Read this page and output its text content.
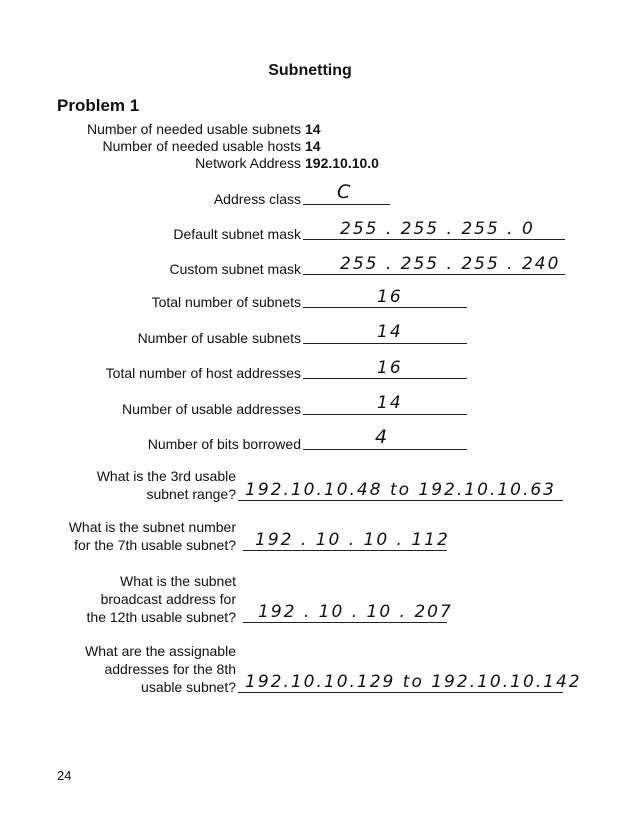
Subnetting
Problem 1
Number of needed usable subnets 14
Number of needed usable hosts 14
Network Address 192.10.10.0
Address class C
Default subnet mask 255 . 255 . 255 . 0
Custom subnet mask 255 . 255 . 255 . 240
Total number of subnets	16
Number of usable subnets	14
Total number of host addresses	16
Number of usable addresses	14
Number of bits borrowed	4
What is the 3rd usable
subnet range? 192.10.10.48 to 192.10.10.63
What is the subnet number
for the 7th usable subnet? 192 . 10 . 10 . 112
What is the subnet
broadcast address for
the 12th usable subnet? 192 . 10 . 10 . 207
What are the assignable
addresses for the 8th
usable subnet? 192.10.10.129 to 192.10.10.142
24
